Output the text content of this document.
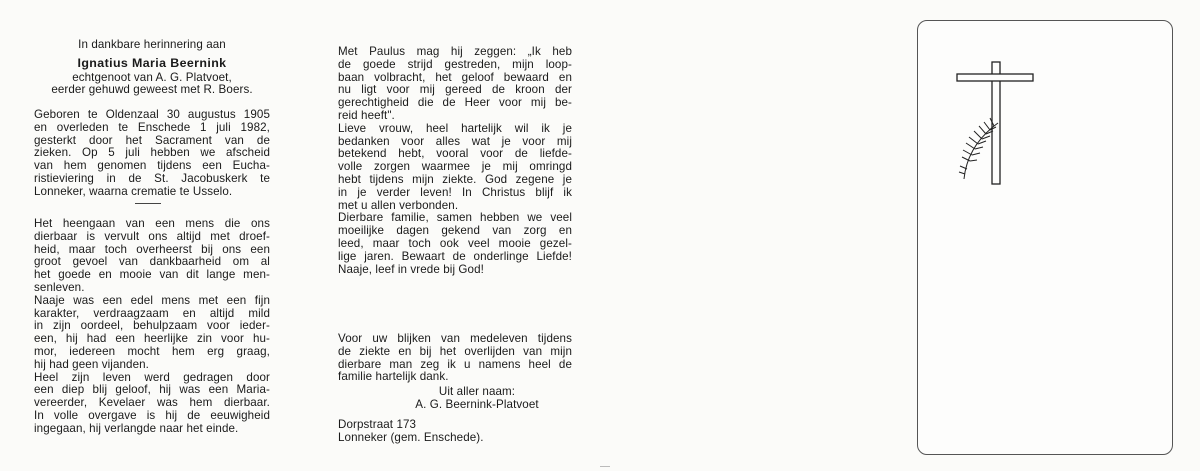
In dankbare herinnering aan
Ignatius Maria Beernink
echtgenoot van A. G. Platvoet,
eerder gehuwd geweest met R. Boers.
Geboren te Oldenzaal 30 augustus 1905
en overleden te Enschede 1 juli 1982,
gesterkt door het Sacrament van de
zieken. Op 5 juli hebben we afscheid
van hem genomen tijdens een Eucha-
ristieviering in de St. Jacobuskerk te
Lonneker, waarna crematie te Usselo.
Het heengaan van een mens die ons
dierbaar is vervult ons altijd met droef-
heid, maar toch overheerst bij ons een
groot gevoel van dankbaarheid om al
het goede en mooie van dit lange men-
senleven.
Naaje was een edel mens met een fijn
karakter, verdraagzaam en altijd mild
in zijn oordeel, behulpzaam voor ieder-
een, hij had een heerlijke zin voor hu-
mor, iedereen mocht hem erg graag,
hij had geen vijanden.
Heel zijn leven werd gedragen door
een diep blij geloof, hij was een Maria-
vereerder, Kevelaer was hem dierbaar.
In volle overgave is hij de eeuwigheid
ingegaan, hij verlangde naar het einde.
Met Paulus mag hij zeggen: „Ik heb
de goede strijd gestreden, mijn loop-
baan volbracht, het geloof bewaard en
nu ligt voor mij gereed de kroon der
gerechtigheid die de Heer voor mij be-
reid heeft".
Lieve vrouw, heel hartelijk wil ik je
bedanken voor alles wat je voor mij
betekend hebt, vooral voor de liefde-
volle zorgen waarmee je mij omringd
hebt tijdens mijn ziekte. God zegene je
in je verder leven! In Christus blijf ik
met u allen verbonden.
Dierbare familie, samen hebben we veel
moeilijke dagen gekend van zorg en
leed, maar toch ook veel mooie gezel-
lige jaren. Bewaart de onderlinge Liefde!
Naaje, leef in vrede bij God!
Voor uw blijken van medeleven tijdens
de ziekte en bij het overlijden van mijn
dierbare man zeg ik u namens heel de
familie hartelijk dank.
Uit aller naam:
A. G. Beernink-Platvoet
Dorpstraat 173
Lonneker (gem. Enschede).
